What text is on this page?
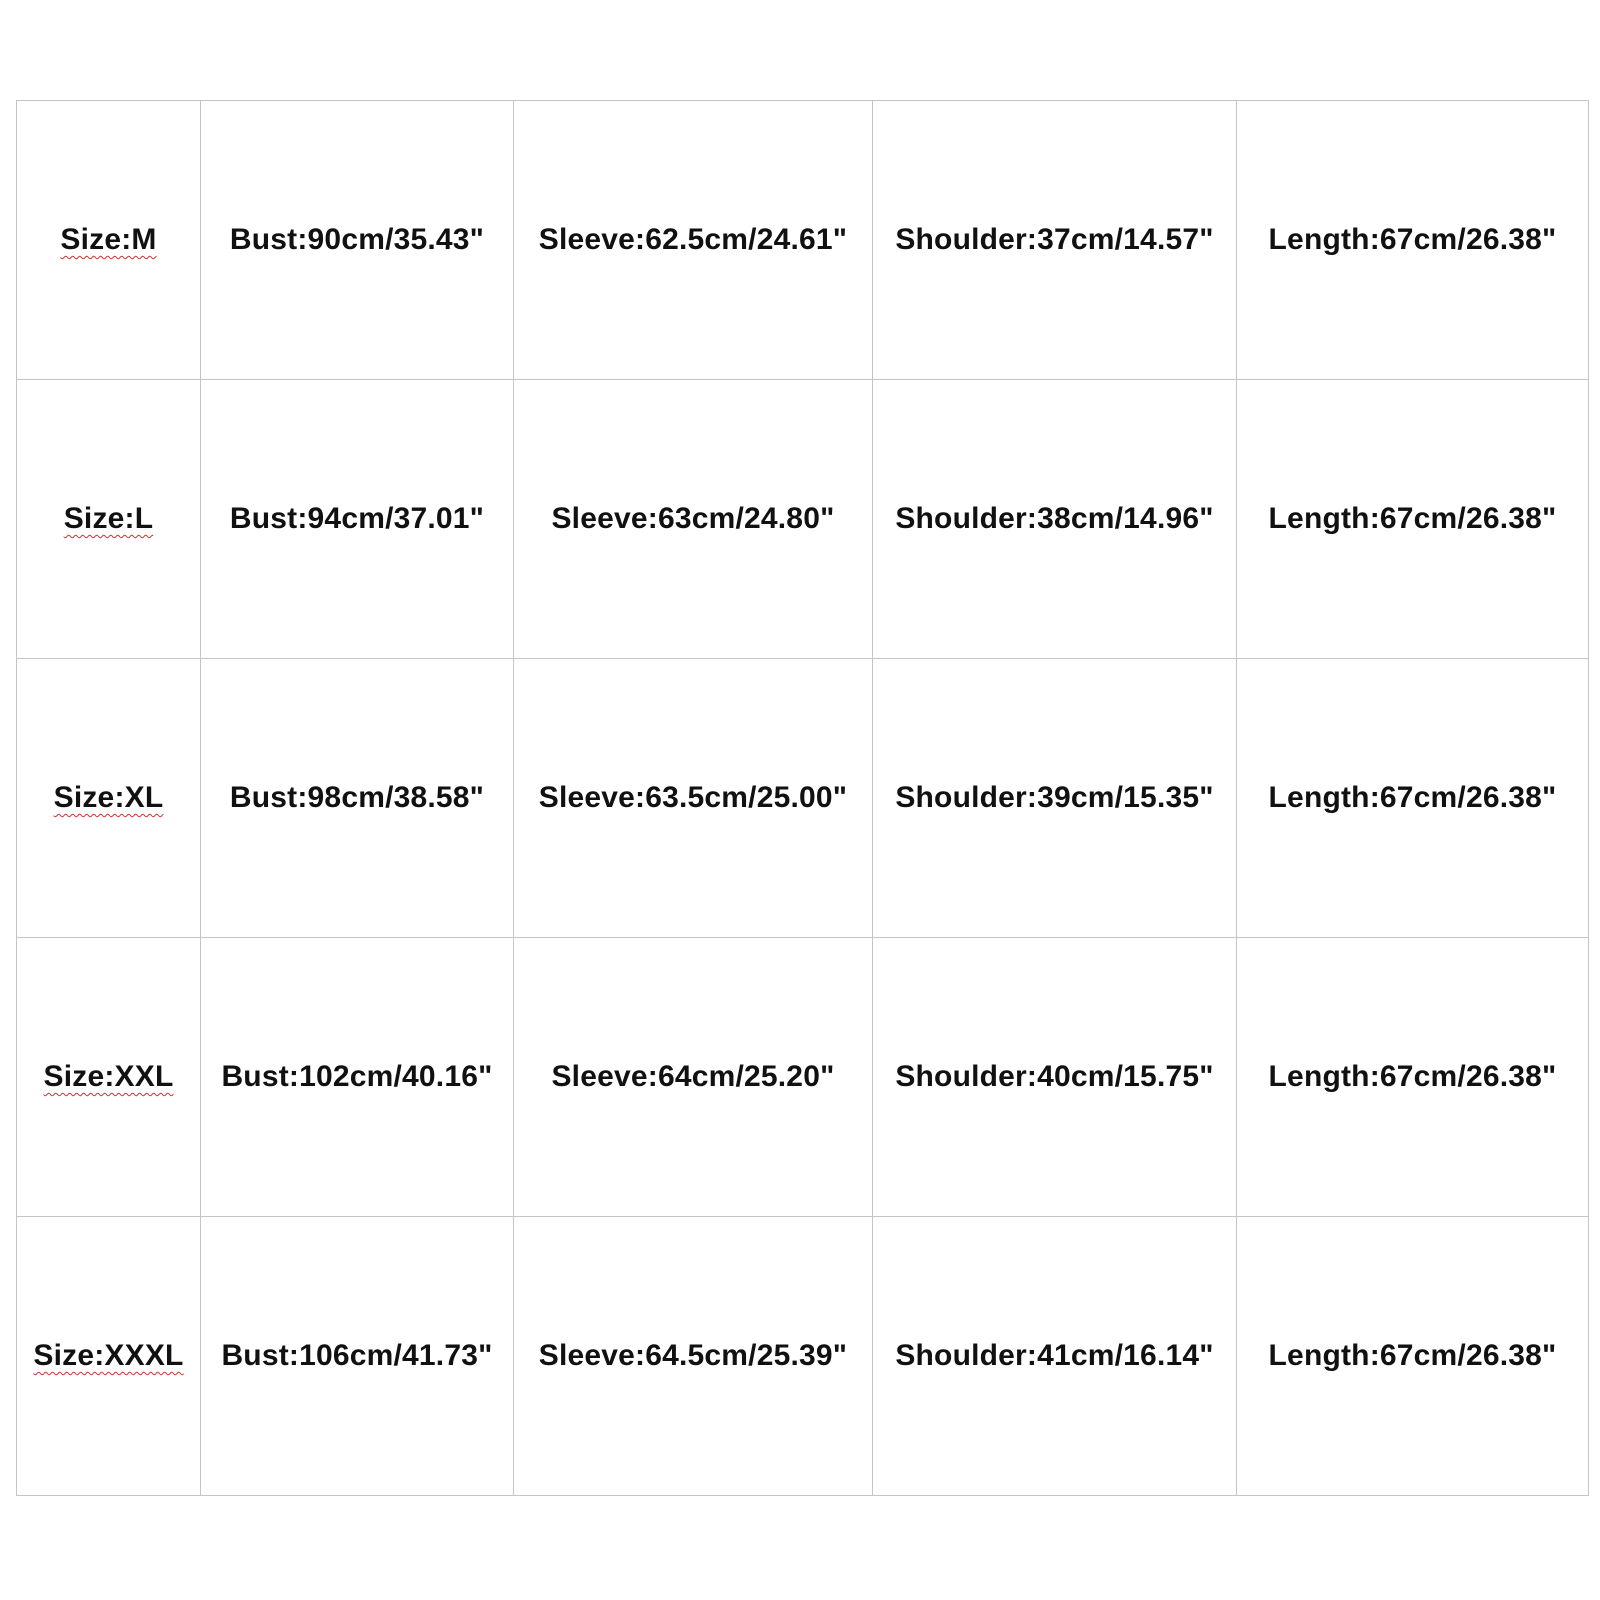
Size:M	Bust:90cm/35.43"	Sleeve:62.5cm/24.61"	Shoulder:37cm/14.57"	Length:67cm/26.38"
Size:L	Bust:94cm/37.01"	Sleeve:63cm/24.80"	Shoulder:38cm/14.96"	Length:67cm/26.38"
Size:XL	Bust:98cm/38.58"	Sleeve:63.5cm/25.00"	Shoulder:39cm/15.35"	Length:67cm/26.38"
Size:XXL	Bust:102cm/40.16"	Sleeve:64cm/25.20"	Shoulder:40cm/15.75"	Length:67cm/26.38"
Size:XXXL	Bust:106cm/41.73"	Sleeve:64.5cm/25.39"	Shoulder:41cm/16.14"	Length:67cm/26.38"
